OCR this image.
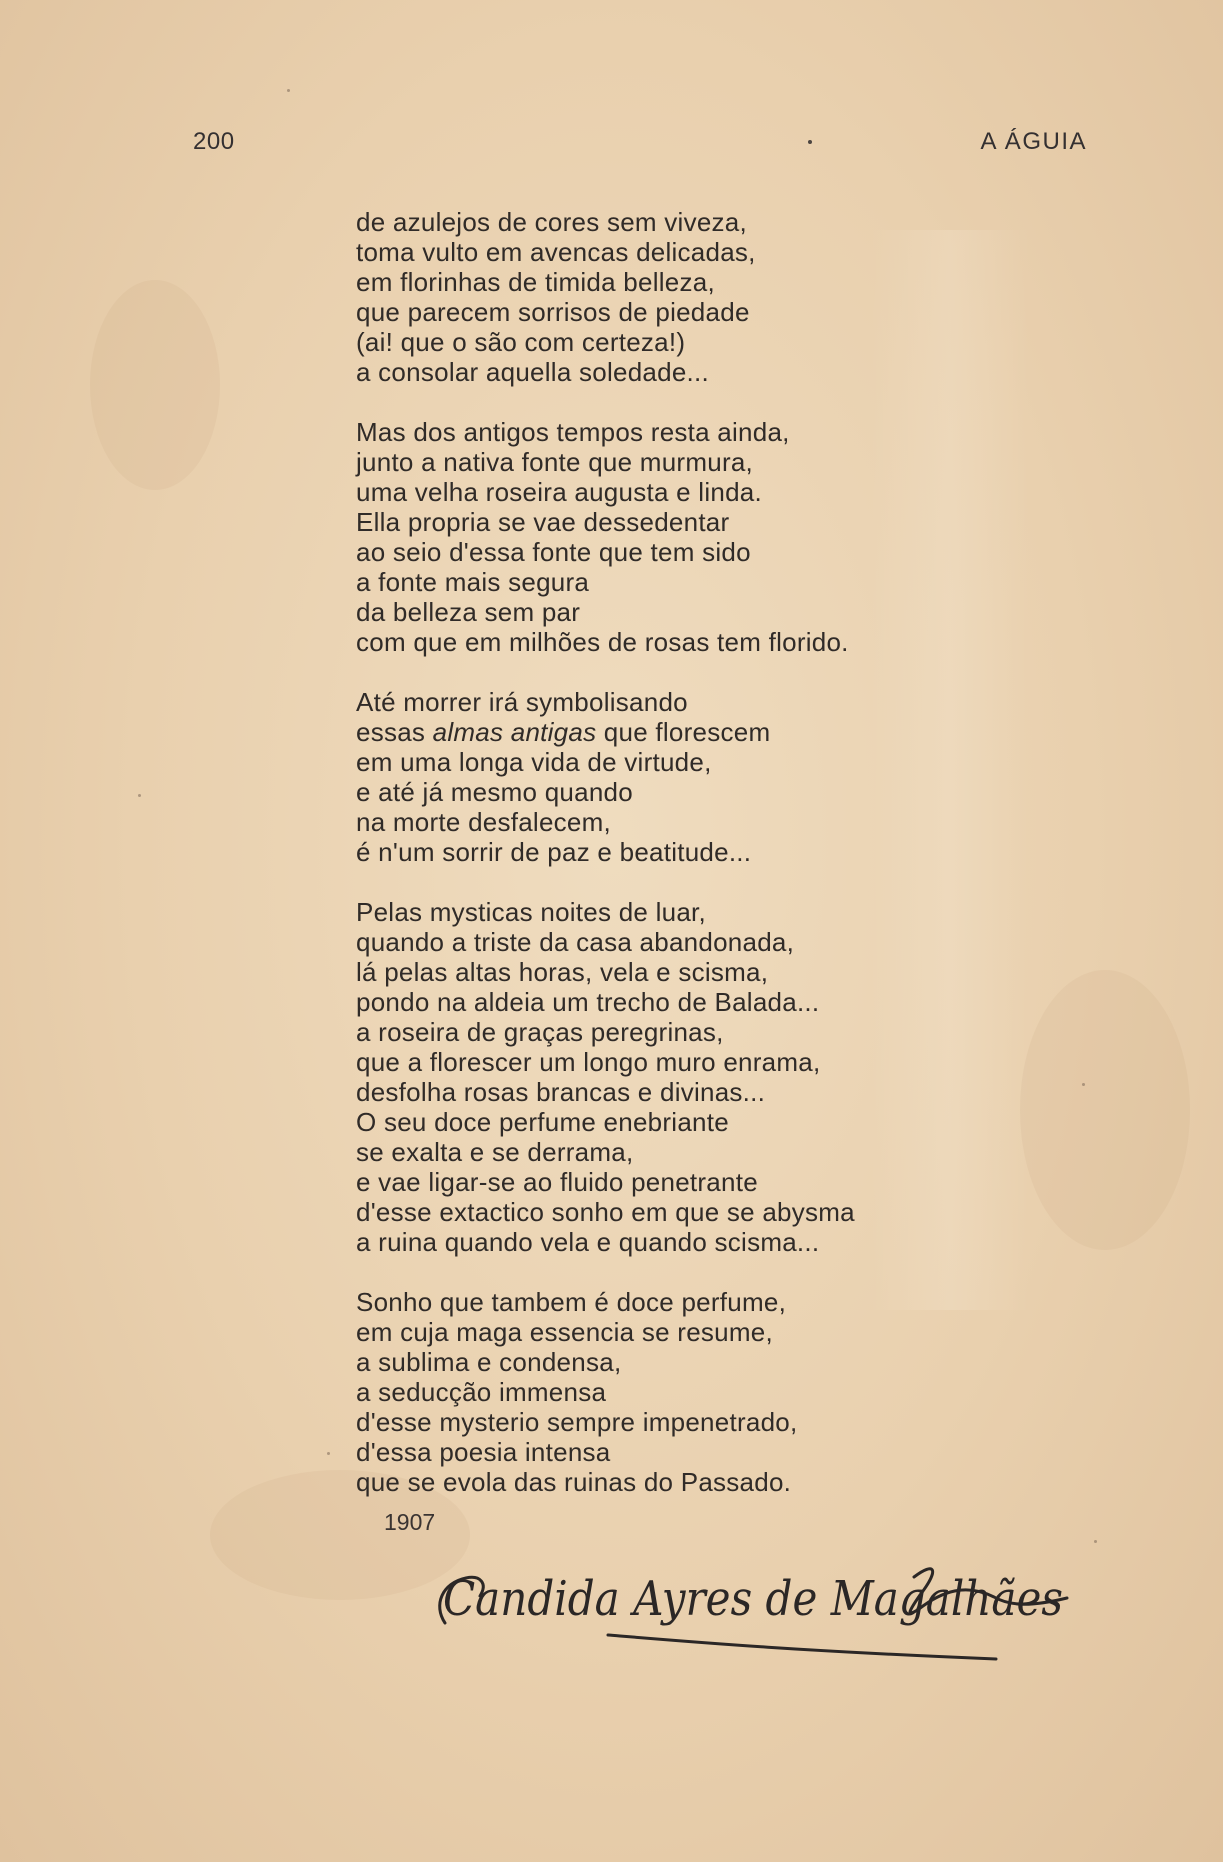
200	A ÁGUIA
de azulejos de cores sem viveza,
toma vulto em avencas delicadas,
em florinhas de timida belleza,
que parecem sorrisos de piedade
(ai! que o são com certeza!)
a consolar aquella soledade...
Mas dos antigos tempos resta ainda,
junto a nativa fonte que murmura,
uma velha roseira augusta e linda.
Ella propria se vae dessedentar
ao seio d'essa fonte que tem sido
a fonte mais segura
da belleza sem par
com que em milhões de rosas tem florido.
Até morrer irá symbolisando
essas almas antigas que florescem
em uma longa vida de virtude,
e até já mesmo quando
na morte desfalecem,
é n'um sorrir de paz e beatitude...
Pelas mysticas noites de luar,
quando a triste da casa abandonada,
lá pelas altas horas, vela e scisma,
pondo na aldeia um trecho de Balada...
a roseira de graças peregrinas,
que a florescer um longo muro enrama,
desfolha rosas brancas e divinas...
O seu doce perfume enebriante
se exalta e se derrama,
e vae ligar-se ao fluido penetrante
d'esse extactico sonho em que se abysma
a ruina quando vela e quando scisma...
Sonho que tambem é doce perfume,
em cuja maga essencia se resume,
a sublima e condensa,
a seducção immensa
d'esse mysterio sempre impenetrado,
d'essa poesia intensa
que se evola das ruinas do Passado.
1907
Candida Ayres de Magalhães
